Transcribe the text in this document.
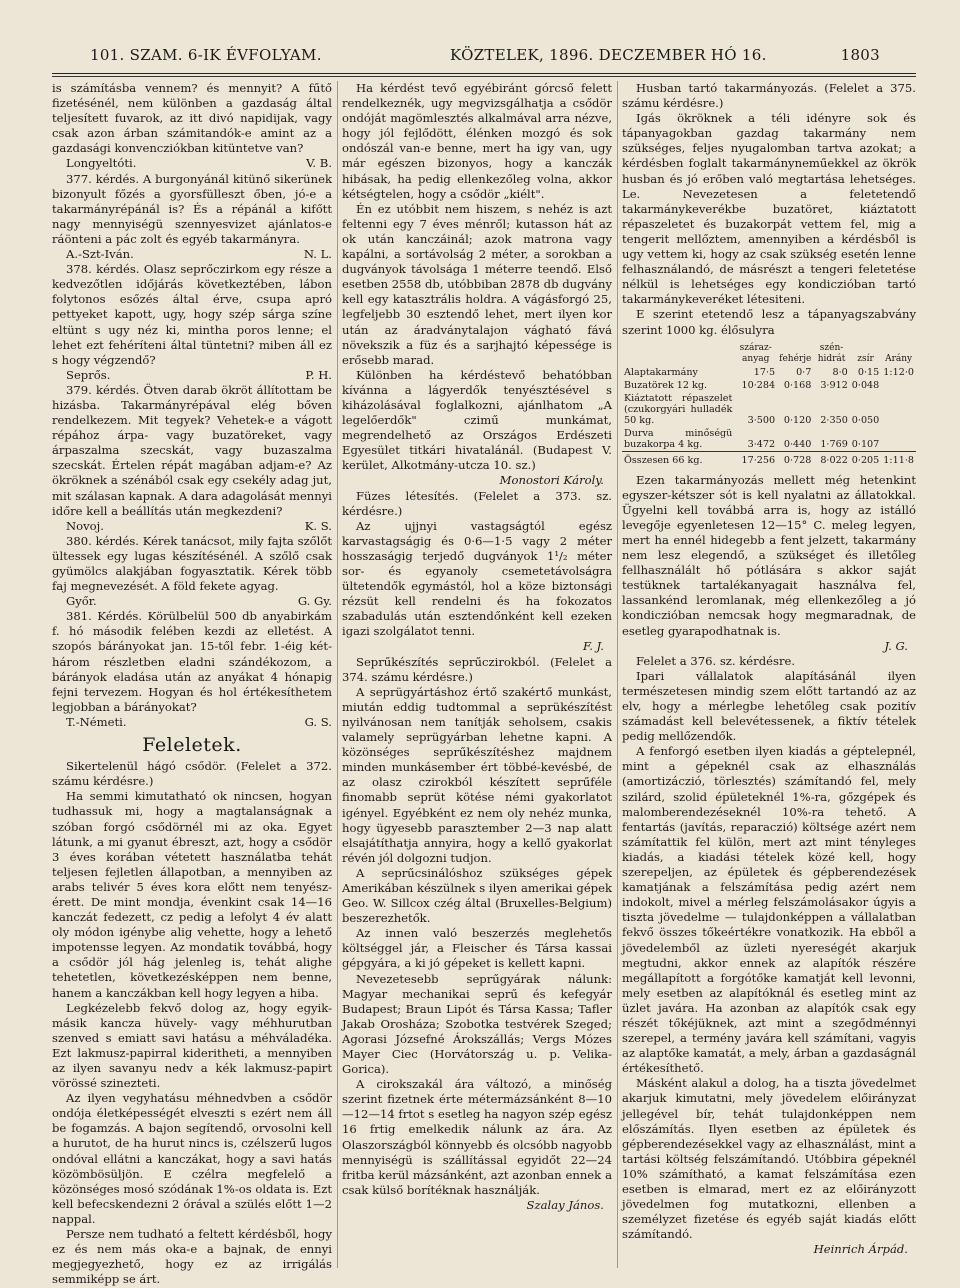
101. SZAM. 6-IK ÉVFOLYAM.	KÖZTELEK, 1896. DECZEMBER HÓ 16.	1803

is számításba vennem? és mennyit? A fűtő fizetésénél, nem különben a gazdaság által teljesített fuvarok, az itt divó napidijak, vagy csak azon árban számitandók-e amint az a gazdasági konvencziókban kitüntetve van?

Longyeltóti.	V. B.

377. kérdés. A burgonyánál kitünő sikerünek bizonyult főzés a gyorsfülleszt őben, jó-e a takarmányrépánál is? És a répánál a kifőtt nagy mennyiségü szennyesvizet ajánlatos-e ráönteni a pác zolt és egyéb takarmányra.

A.-Szt-Iván.	N. L.

378. kérdés. Olasz seprőczirkom egy része a kedvezőtlen időjárás következtében, lábon folytonos esőzés által érve, csupa apró pettyeket kapott, ugy, hogy szép sárga színe eltünt s ugy néz ki, mintha poros lenne; el lehet ezt fehéríteni által tüntetni? miben áll ez s hogy végzendő?

Seprős.	P. H.

379. kérdés. Ötven darab ökröt állítottam be hizásba. Takarmányrépával elég bőven rendelkezem. Mit tegyek? Vehetek-e a vágott répához árpa- vagy buzatöreket, vagy árpaszalma szecskát, vagy buzaszalma szecskát. Értelen répát magában adjam-e? Az ökröknek a szénából csak egy csekély adag jut, mit szálasan kapnak. A dara adagolását mennyi időre kell a beállítás után megkezdeni?

Novoj.	K. S.

380. kérdés. Kérek tanácsot, mily fajta szőlőt ültessek egy lugas készítésénél. A szőlő csak gyümölcs alakjában fogyasztatik. Kérek több faj megnevezését. A föld fekete agyag.

Győr.	G. Gy.

381. Kérdés. Körülbelül 500 db anyabirkám f. hó második felében kezdi az elletést. A szopós bárányokat jan. 15-től febr. 1-éig két-három részletben eladni szándékozom, a bárányok eladása után az anyákat 4 hónapig fejni tervezem. Hogyan és hol értékesíthetem legjobban a bárányokat?

T.-Németi.	G. S.
Feleletek.

Sikertelenül hágó csődör. (Felelet a 372. számu kérdésre.)

Ha semmi kimutatható ok nincsen, hogyan tudhassuk mi, hogy a magtalanságnak a szóban forgó csődörnél mi az oka. Egyet látunk, a mi gyanut ébreszt, azt, hogy a csődör 3 éves korában vétetett használatba tehát teljesen fejletlen állapotban, a mennyiben az arabs telivér 5 éves kora előtt nem tenyész-érett. De mint mondja, évenkint csak 14—16 kanczát fedezett, cz pedig a lefolyt 4 év alatt oly módon igénybe alig vehette, hogy a lehető impotensse legyen. Az mondatik továbbá, hogy a csődör jól hág jelenleg is, tehát alighe tehetetlen, következésképpen nem benne, hanem a kanczákban kell hogy legyen a hiba.

Legkézelebb fekvő dolog az, hogy egyik-másik kancza hüvely- vagy méhhurutban szenved s emiatt savi hatásu a méhváladéka. Ezt lakmusz-papirral kideritheti, a mennyiben az ilyen savanyu nedv a kék lakmusz-papirt vörössé szinezteti.

Az ilyen vegyhatásu méhnedvben a csődör ondója életképességét elveszti s ezért nem áll be fogamzás. A bajon segítendő, orvosolni kell a hurutot, de ha hurut nincs is, czélszerű lugos ondóval ellátni a kanczákat, hogy a savi hatás közömbösüljön. E czélra megfelelő a közönséges mosó szódának 1%-os oldata is. Ezt kell befecskendezni 2 órával a szülés előtt 1—2 nappal.

Persze nem tudható a feltett kérdésből, hogy ez és nem más oka-e a bajnak, de ennyi megjegyezhető, hogy ez az irrigálás semmiképp se árt.

Ha kérdést tevő egyébiránt górcső felett rendelkeznék, ugy megvizsgálhatja a csődör ondóját magömlesztés alkalmával arra nézve, hogy jól fejlődött, élénken mozgó és sok ondószál van-e benne, mert ha igy van, ugy már egészen bizonyos, hogy a kanczák hibásak, ha pedig ellenkezőleg volna, akkor kétségtelen, hogy a csődör „kiélt".

Én ez utóbbit nem hiszem, s nehéz is azt feltenni egy 7 éves ménről; kutasson hát az ok után kanczáinál; azok matrona vagy kapálni, a sortávolság 2 méter, a sorokban a dugványok távolsága 1 méterre teendő. Első esetben 2558 db, utóbbiban 2878 db dugvány kell egy katasztrális holdra. A vágásforgó 25, legfeljebb 30 esztendő lehet, mert ilyen kor után az áradványtalajon vágható fává növekszik a füz és a sarjhajtó képessége is erősebb marad.

Különben ha kérdéstevő behatóbban kívánna a lágyerdők tenyésztésével s kiházolásával foglalkozni, ajánlhatom „A legelőerdők" czimű munkámat, megrendelhető az Országos Erdészeti Egyesület titkári hivatalánál. (Budapest V. kerület, Alkotmány-utcza 10. sz.)

Monostori Károly.

Füzes létesítés. (Felelet a 373. sz. kérdésre.)

Az ujjnyi vastagságtól egész karvastagságig és 0·6—1·5 vagy 2 méter hosszaságig terjedő dugványok 1¹/₂ méter sor- és egyanoly csemetetávolságra ültetendők egymástól, hol a köze biztonsági rézsüt kell rendelni és ha fokozatos szabadulás után esztendőnként kell ezeken igazi szolgálatot tenni.

F. J.

Seprűkészítés seprűczirokból. (Felelet a 374. számu kérdésre.)

A seprügyártáshoz értő szakértő munkást, miután eddig tudtommal a seprükészítést nyilvánosan nem tanítják seholsem, csakis valamely seprügyárban lehetne kapni. A közönséges seprűkészítéshez majdnem minden munkásember ért többé-kevésbé, de az olasz czirokból készített seprűféle finomabb seprüt kötése némi gyakorlatot igényel. Egyébként ez nem oly nehéz munka, hogy ügyesebb parasztember 2—3 nap alatt elsajátíthatja annyira, hogy a kellő gyakorlat révén jól dolgozni tudjon.

A seprűcsinálóshoz szükséges gépek Amerikában készülnek s ilyen amerikai gépek Geo. W. Sillcox czég által (Bruxelles-Belgium) beszerezhetők.

Az innen való beszerzés meglehetős költséggel jár, a Fleischer és Társa kassai gépgyára, a ki jó gépeket is kellett kapni.

Nevezetesebb seprűgyárak nálunk: Magyar mechanikai seprű és kefegyár Budapest; Braun Lipót és Társa Kassa; Tafler Jakab Orosháza; Szobotka testvérek Szeged; Agorasi Józsefné Árokszállás; Vergs Mózes Mayer Ciec (Horvátország u. p. Velika-Gorica).

A cirokszakál ára változó, a minőség szerint fizetnek érte métermázsánként 8—10—12—14 frtot s esetleg ha nagyon szép egész 16 frtig emelkedik nálunk az ára. Az Olaszországból könnyebb és olcsóbb nagyobb mennyiségü is szállítással egyidőt 22—24 fritba kerül mázsánként, azt azonban ennek a csak külső borítéknak használják.

Szalay János.

Husban tartó takarmányozás. (Felelet a 375. számu kérdésre.)

Igás ökröknek a téli idényre sok és tápanyagokban gazdag takarmány nem szükséges, feljes nyugalomban tartva azokat; a kérdésben foglalt takarmányneműekkel az ökrök husban és jó erőben való megtartása lehetséges. Le. Nevezetesen a feletetendő takarmánykeverékbe buzatöret, kiáztatott répaszeletet és buzakorpát vettem fel, mig a tengerit mellőztem, amennyiben a kérdésből is ugy vettem ki, hogy az csak szükség esetén lenne felhasználandó, de másrészt a tengeri feletetése nélkül is lehetséges egy kondiczióban tartó takarmánykeveréket létesiteni.

E szerint etetendő lesz a tápanyagszabvány szerint 1000 kg. élősulyra

	száraz-anyag	fehérje	szén-hidrát	zsír	Arány
Alaptakarmány	17·5	0·7	8·0	0·15	1:12·0
Buzatörek 12 kg.	10·284	0·168	3·912	0·048	
Kiáztatott répaszelet (czukorgyári hulladék 50 kg.	3·500	0·120	2·350	0·050	
Durva minőségü buzakorpa 4 kg.	3·472	0·440	1·769	0·107	
Összesen 66 kg.	17·256	0·728	8·022	0·205	1:11·8

Ezen takarmányozás mellett még hetenkint egyszer-kétszer sót is kell nyalatni az állatokkal. Ügyelni kell továbbá arra is, hogy az istálló levegője egyenletesen 12—15° C. meleg legyen, mert ha ennél hidegebb a fent jelzett, takarmány nem lesz elegendő, a szükséget és illetőleg fellhasználált hő pótlására s akkor saját testüknek tartalékanyagait használva fel, lassankénd leromlanak, még ellenkezőleg a jó kondiczióban nemcsak hogy megmaradnak, de esetleg gyarapodhatnak is.

J. G.

Felelet a 376. sz. kérdésre.

Ipari vállalatok alapításánál ilyen természetesen mindig szem előtt tartandó az az elv, hogy a mérlegbe lehetőleg csak pozitív számadást kell belevétessenek, a fiktív tételek pedig mellőzendők.

A fenforgó esetben ilyen kiadás a géptelepnél, mint a gépeknél csak az elhasználás (amortizáczió, törlesztés) számítandó fel, mely szilárd, szolid épületeknél 1%-ra, gőzgépek és malomberendezéseknél 10%-ra tehető. A fentartás (javítás, reparaczió) költsége azért nem számítattik fel külön, mert azt mint tényleges kiadás, a kiadási tételek közé kell, hogy szerepeljen, az épületek és gépberendezések kamatjának a felszámítása pedig azért nem indokolt, mivel a mérleg felszámolásakor úgyis a tiszta jövedelme — tulajdonképpen a vállalatban fekvő összes tőkeértékre vonatkozik. Ha ebből a jövedelemből az üzleti nyereségét akarjuk megtudni, akkor ennek az alapítók részére megállapított a forgótőke kamatját kell levonni, mely esetben az alapítóknál és esetleg mint az üzlet javára. Ha azonban az alapítók csak egy részét tőkéjüknek, azt mint a szegődménnyi szerepel, a termény javára kell számítani, vagyis az alaptőke kamatát, a mely, árban a gazdaságnál értékesíthető.

Másként alakul a dolog, ha a tiszta jövedelmet akarjuk kimutatni, mely jövedelem előirányzat jellegével bír, tehát tulajdonképpen nem előszámítás. Ilyen esetben az épületek és gépberendezésekkel vagy az elhasználást, mint a tartási költség felszámítandó. Utóbbira gépeknél 10% számítható, a kamat felszámítása ezen esetben is elmarad, mert ez az előirányzott jövedelmen fog mutatkozni, ellenben a személyzet fizetése és egyéb saját kiadás előtt számítandó.

Heinrich Árpád.
